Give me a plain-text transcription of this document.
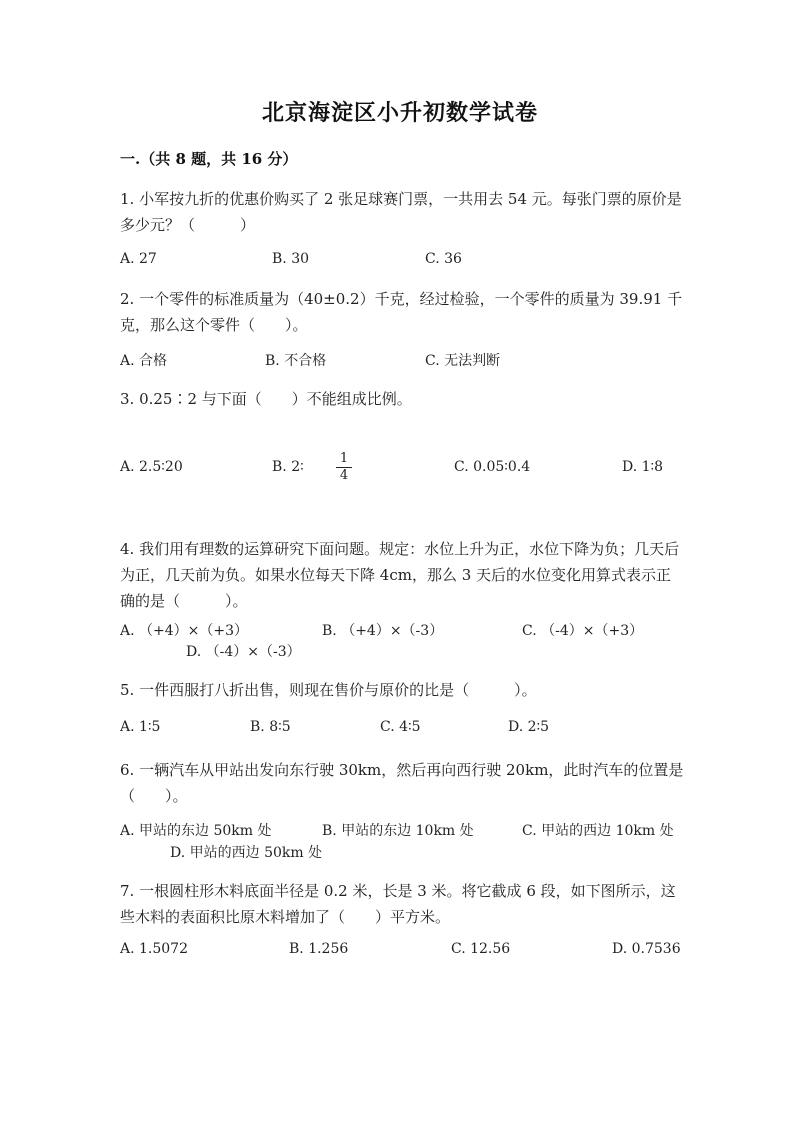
北京海淀区小升初数学试卷
一.（共 8 题，共 16 分）
1. 小军按九折的优惠价购买了 2 张足球赛门票，一共用去 54 元。每张门票的原价是多少元？（　　　）
A. 27	B. 30	C. 36
2. 一个零件的标准质量为（40±0.2）千克，经过检验，一个零件的质量为 39.91 千克，那么这个零件（　　）。
A. 合格	B. 不合格	C. 无法判断
3. 0.25∶2 与下面（　　）不能组成比例。
A. 2.5∶20	B. 2∶
1
4
C. 0.05∶0.4	D. 1∶8
4. 我们用有理数的运算研究下面问题。规定：水位上升为正，水位下降为负；几天后为正，几天前为负。如果水位每天下降 4cm，那么 3 天后的水位变化用算式表示正确的是（　　　）。
A. （+4）×（+3）	B. （+4）×（-3）	C. （-4）×（+3）
D. （-4）×（-3）
5. 一件西服打八折出售，则现在售价与原价的比是（　　　）。
A. 1∶5	B. 8∶5	C. 4∶5	D. 2∶5
6. 一辆汽车从甲站出发向东行驶 30km，然后再向西行驶 20km，此时汽车的位置是（　　）。
A. 甲站的东边 50km 处	B. 甲站的东边 10km 处	C. 甲站的西边 10km 处
D. 甲站的西边 50km 处
7. 一根圆柱形木料底面半径是 0.2 米，长是 3 米。将它截成 6 段，如下图所示，这些木料的表面积比原木料增加了（　　）平方米。
A. 1.5072	B. 1.256	C. 12.56	D. 0.7536
